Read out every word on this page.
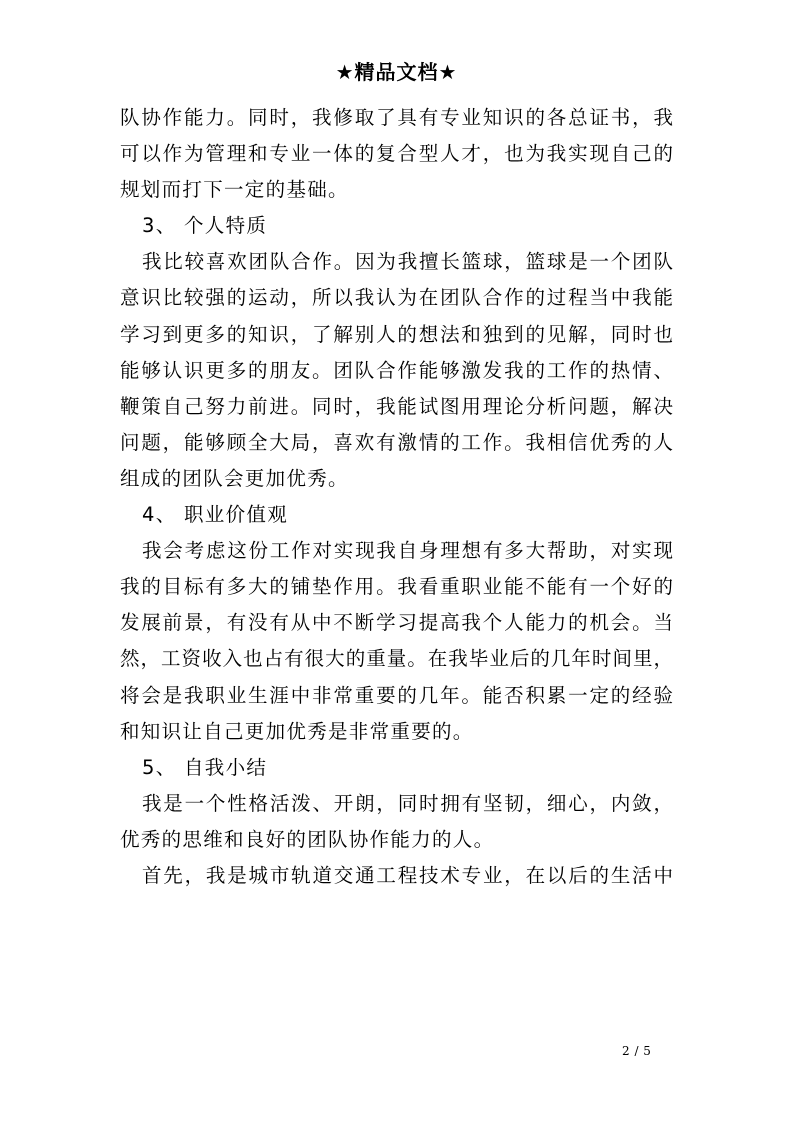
★精品文档★
队协作能力。同时，我修取了具有专业知识的各总证书，我
可以作为管理和专业一体的复合型人才，也为我实现自己的
规划而打下一定的基础。
3、 个人特质
我比较喜欢团队合作。因为我擅长篮球，篮球是一个团队
意识比较强的运动，所以我认为在团队合作的过程当中我能
学习到更多的知识，了解别人的想法和独到的见解，同时也
能够认识更多的朋友。团队合作能够激发我的工作的热情、
鞭策自己努力前进。同时，我能试图用理论分析问题，解决
问题，能够顾全大局，喜欢有激情的工作。我相信优秀的人
组成的团队会更加优秀。
4、 职业价值观
我会考虑这份工作对实现我自身理想有多大帮助，对实现
我的目标有多大的铺垫作用。我看重职业能不能有一个好的
发展前景，有没有从中不断学习提高我个人能力的机会。当
然，工资收入也占有很大的重量。在我毕业后的几年时间里，
将会是我职业生涯中非常重要的几年。能否积累一定的经验
和知识让自己更加优秀是非常重要的。
5、 自我小结
我是一个性格活泼、开朗，同时拥有坚韧，细心，内敛，
优秀的思维和良好的团队协作能力的人。
首先，我是城市轨道交通工程技术专业，在以后的生活中
2 / 5
